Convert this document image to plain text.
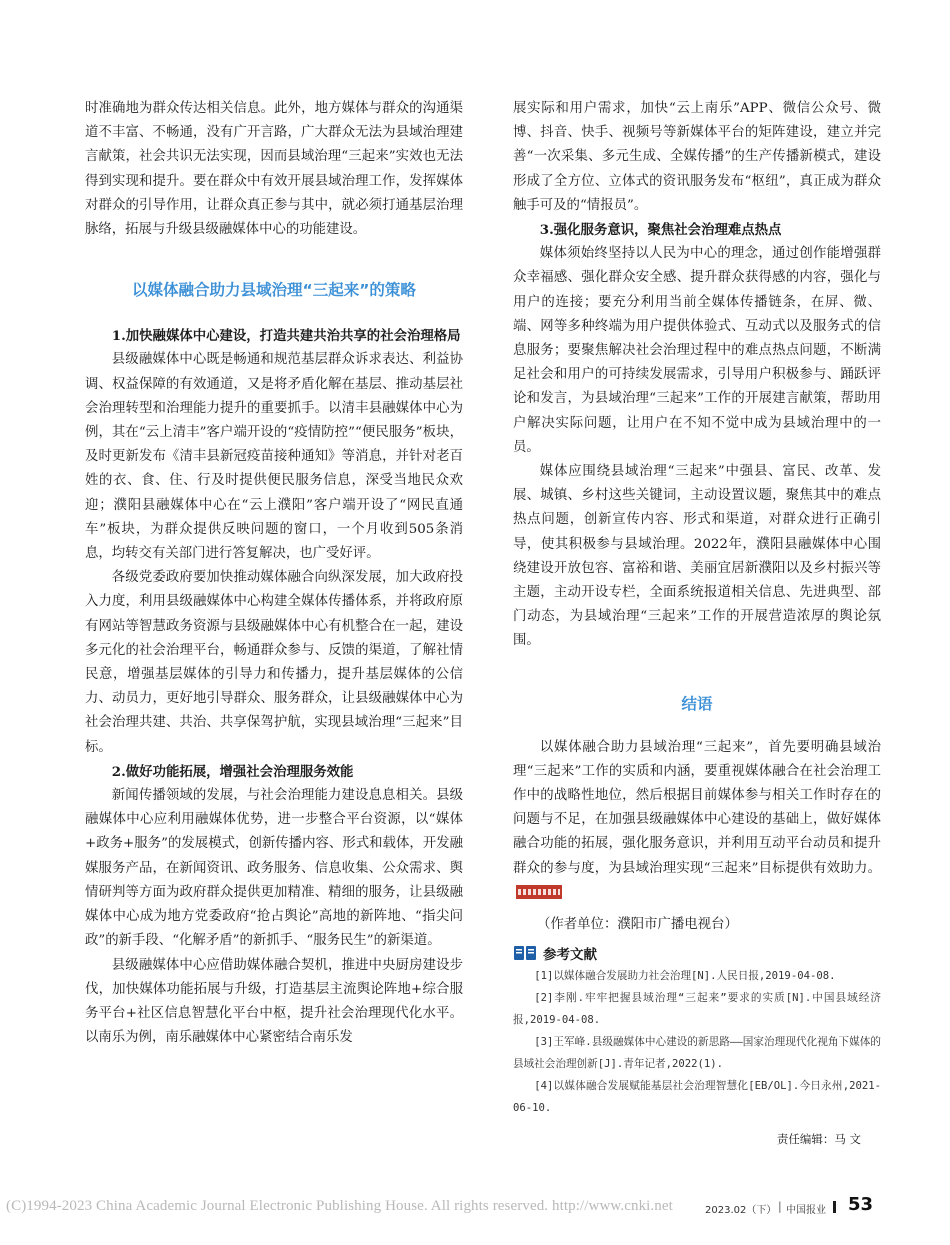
时准确地为群众传达相关信息。此外，地方媒体与群众的沟通渠道不丰富、不畅通，没有广开言路，广大群众无法为县域治理建言献策，社会共识无法实现，因而县域治理“三起来”实效也无法得到实现和提升。要在群众中有效开展县域治理工作，发挥媒体对群众的引导作用，让群众真正参与其中，就必须打通基层治理脉络，拓展与升级县级融媒体中心的功能建设。

以媒体融合助力县域治理“三起来”的策略

1.加快融媒体中心建设，打造共建共治共享的社会治理格局

县级融媒体中心既是畅通和规范基层群众诉求表达、利益协调、权益保障的有效通道，又是将矛盾化解在基层、推动基层社会治理转型和治理能力提升的重要抓手。以清丰县融媒体中心为例，其在“云上清丰”客户端开设的“疫情防控”“便民服务”板块，及时更新发布《清丰县新冠疫苗接种通知》等消息，并针对老百姓的衣、食、住、行及时提供便民服务信息，深受当地民众欢迎；濮阳县融媒体中心在“云上濮阳”客户端开设了“网民直通车”板块，为群众提供反映问题的窗口，一个月收到505条消息，均转交有关部门进行答复解决，也广受好评。

各级党委政府要加快推动媒体融合向纵深发展，加大政府投入力度，利用县级融媒体中心构建全媒体传播体系，并将政府原有网站等智慧政务资源与县级融媒体中心有机整合在一起，建设多元化的社会治理平台，畅通群众参与、反馈的渠道，了解社情民意，增强基层媒体的引导力和传播力，提升基层媒体的公信力、动员力，更好地引导群众、服务群众，让县级融媒体中心为社会治理共建、共治、共享保驾护航，实现县域治理“三起来”目标。

2.做好功能拓展，增强社会治理服务效能

新闻传播领域的发展，与社会治理能力建设息息相关。县级融媒体中心应利用融媒体优势，进一步整合平台资源，以“媒体+政务+服务”的发展模式，创新传播内容、形式和载体，开发融媒服务产品，在新闻资讯、政务服务、信息收集、公众需求、舆情研判等方面为政府群众提供更加精准、精细的服务，让县级融媒体中心成为地方党委政府“抢占舆论”高地的新阵地、“指尖问政”的新手段、“化解矛盾”的新抓手、“服务民生”的新渠道。

县级融媒体中心应借助媒体融合契机，推进中央厨房建设步伐，加快媒体功能拓展与升级，打造基层主流舆论阵地+综合服务平台+社区信息智慧化平台中枢，提升社会治理现代化水平。以南乐为例，南乐融媒体中心紧密结合南乐发

展实际和用户需求，加快“云上南乐”APP、微信公众号、微博、抖音、快手、视频号等新媒体平台的矩阵建设，建立并完善“一次采集、多元生成、全媒传播”的生产传播新模式，建设形成了全方位、立体式的资讯服务发布“枢纽”，真正成为群众触手可及的“情报员”。

3.强化服务意识，聚焦社会治理难点热点

媒体须始终坚持以人民为中心的理念，通过创作能增强群众幸福感、强化群众安全感、提升群众获得感的内容，强化与用户的连接；要充分利用当前全媒体传播链条，在屏、微、端、网等多种终端为用户提供体验式、互动式以及服务式的信息服务；要聚焦解决社会治理过程中的难点热点问题，不断满足社会和用户的可持续发展需求，引导用户积极参与、踊跃评论和发言，为县域治理“三起来”工作的开展建言献策，帮助用户解决实际问题，让用户在不知不觉中成为县域治理中的一员。

媒体应围绕县域治理“三起来”中强县、富民、改革、发展、城镇、乡村这些关键词，主动设置议题，聚焦其中的难点热点问题，创新宣传内容、形式和渠道，对群众进行正确引导，使其积极参与县域治理。2022年，濮阳县融媒体中心围绕建设开放包容、富裕和谐、美丽宜居新濮阳以及乡村振兴等主题，主动开设专栏，全面系统报道相关信息、先进典型、部门动态，为县域治理“三起来”工作的开展营造浓厚的舆论氛围。

结语

以媒体融合助力县域治理“三起来”，首先要明确县域治理“三起来”工作的实质和内涵，要重视媒体融合在社会治理工作中的战略性地位，然后根据目前媒体参与相关工作时存在的问题与不足，在加强县级融媒体中心建设的基础上，做好媒体融合功能的拓展，强化服务意识，并利用互动平台动员和提升群众的参与度，为县域治理实现“三起来”目标提供有效助力。

（作者单位：濮阳市广播电视台）

参考文献

[1]以媒体融合发展助力社会治理[N].人民日报,2019-04-08.

[2]李刚.牢牢把握县域治理“三起来”要求的实质[N].中国县域经济报,2019-04-08.

[3]王军峰.县级融媒体中心建设的新思路——国家治理现代化视角下媒体的县域社会治理创新[J].青年记者,2022(1).

[4]以媒体融合发展赋能基层社会治理智慧化[EB/OL].今日永州,2021-06-10.

责任编辑：马 文

(C)1994-2023 China Academic Journal Electronic Publishing House. All rights reserved. http://www.cnki.net	2023.02（下） | 中国报业 53
